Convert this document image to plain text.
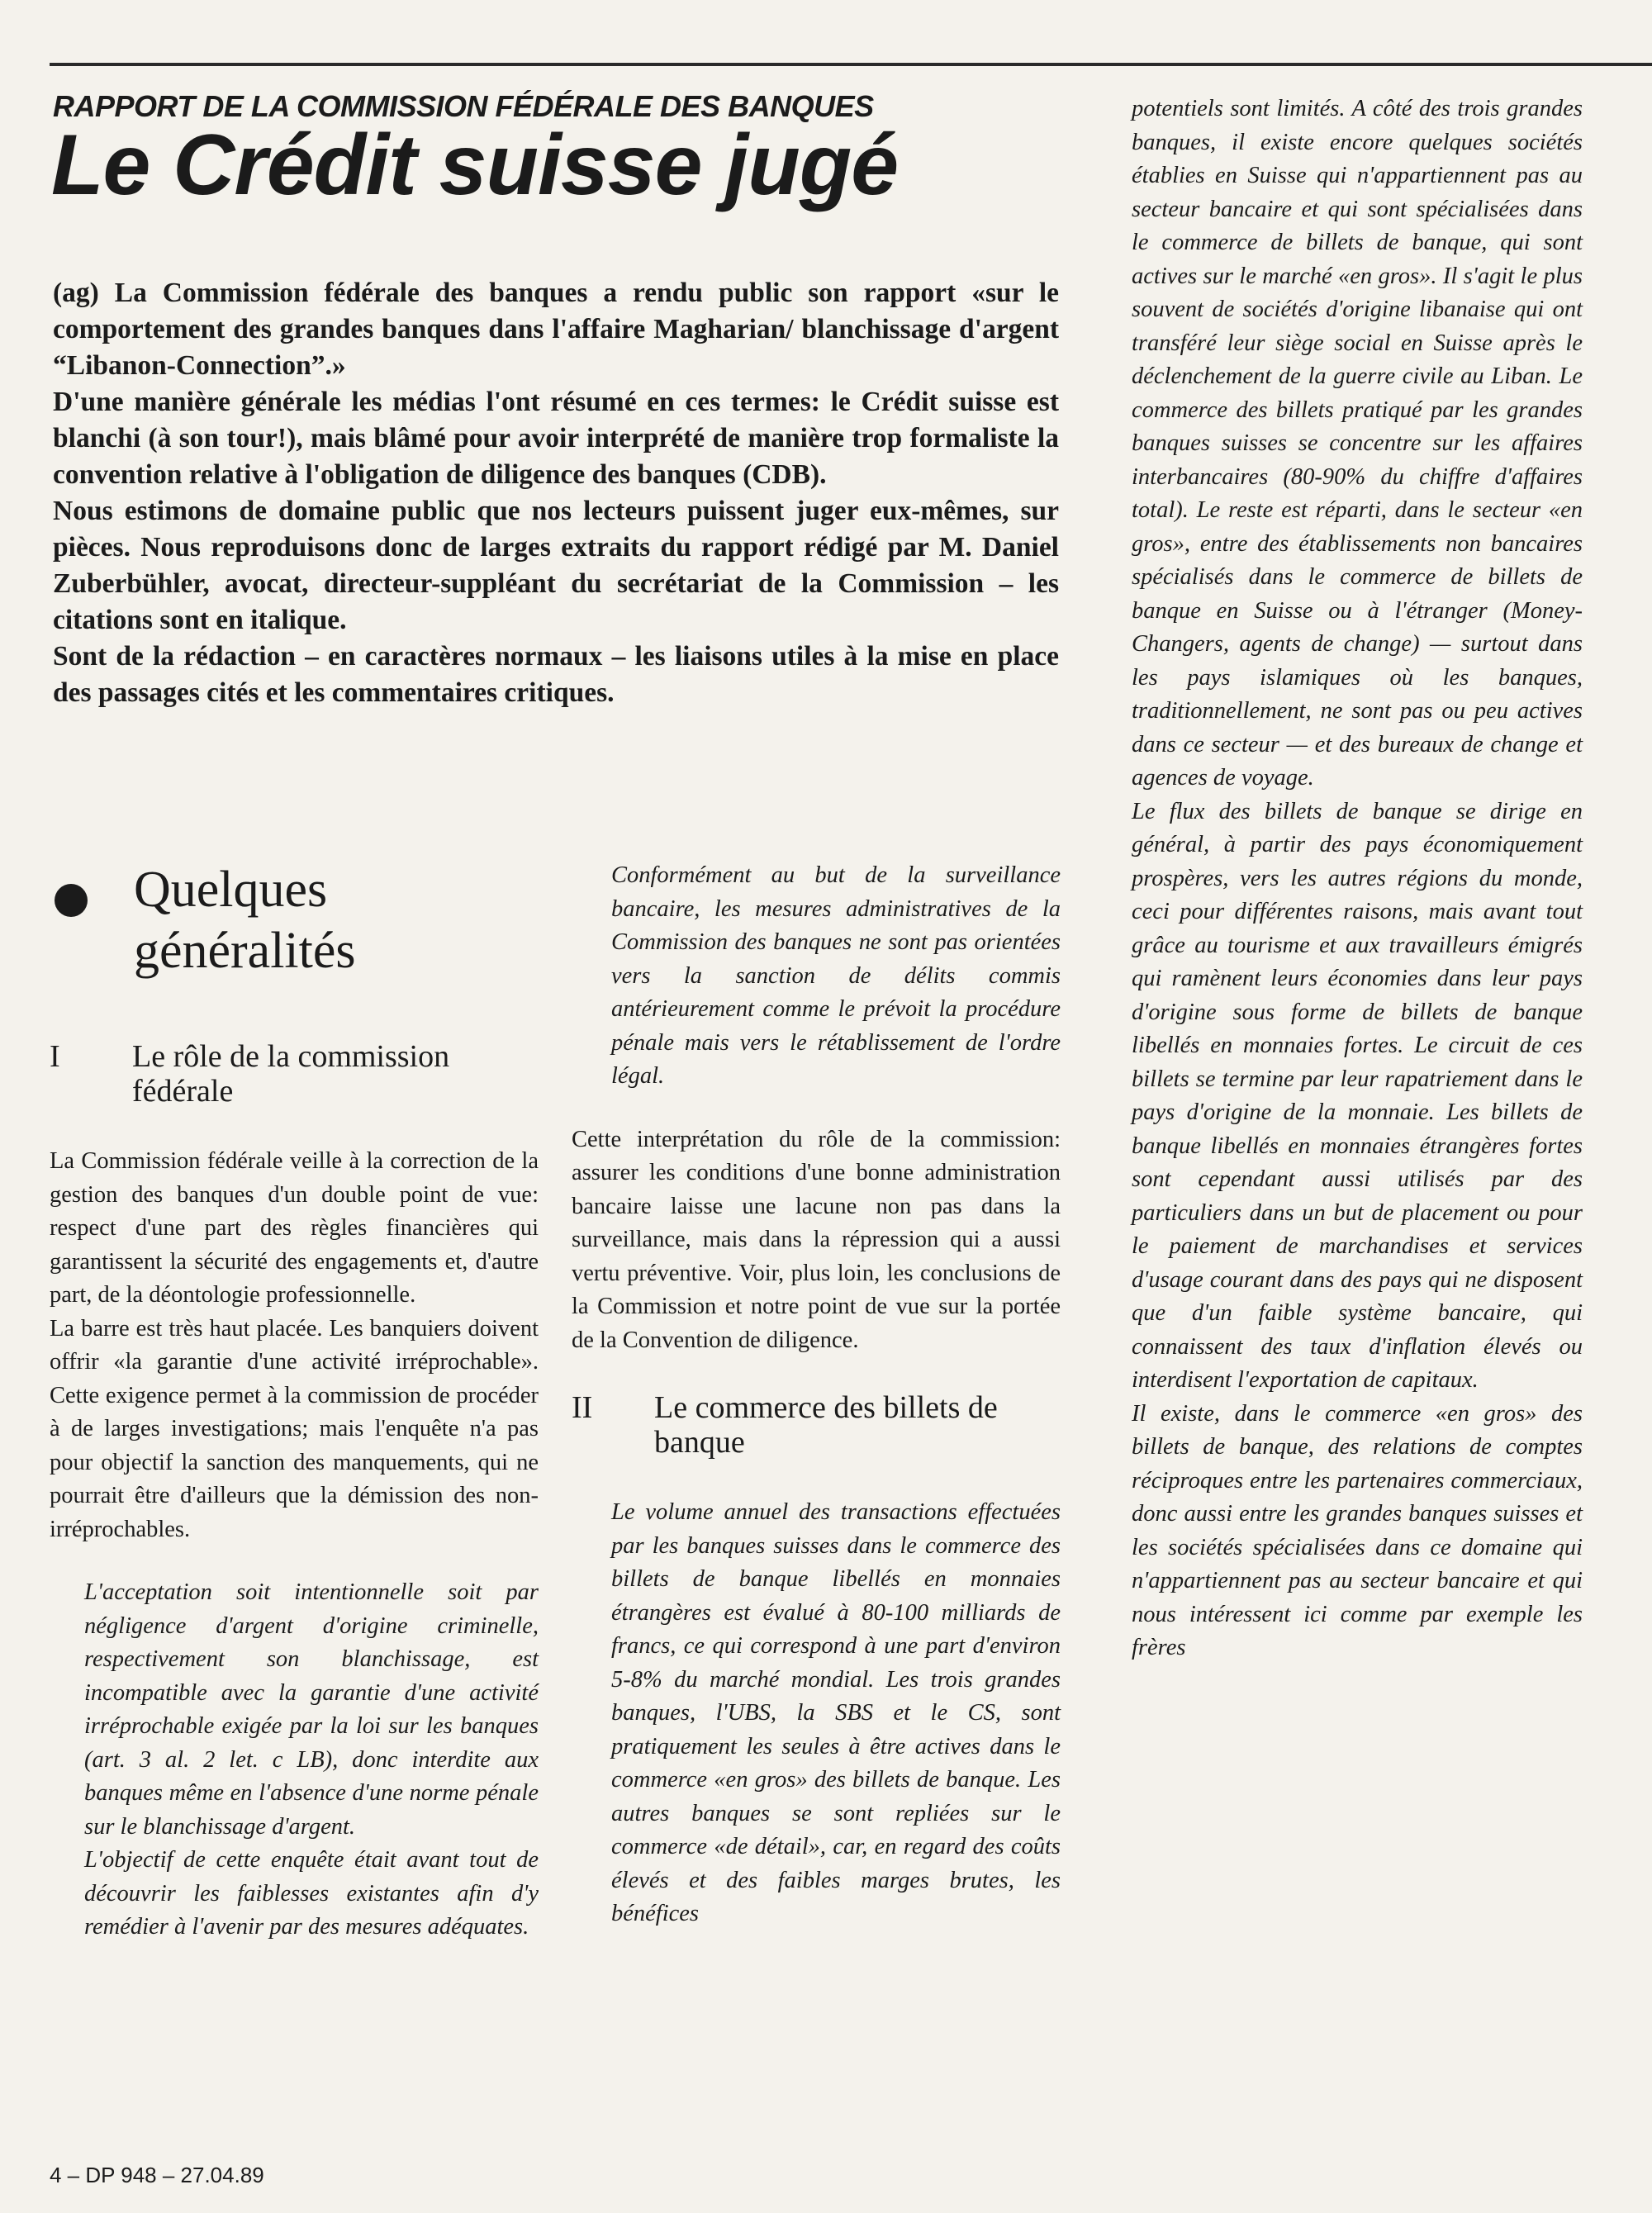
RAPPORT DE LA COMMISSION FÉDÉRALE DES BANQUES
Le Crédit suisse jugé

(ag) La Commission fédérale des banques a rendu public son rapport «sur le comportement des grandes banques dans l'affaire Magharian/ blanchissage d'argent “Libanon-Connection”.»

D'une manière générale les médias l'ont résumé en ces termes: le Crédit suisse est blanchi (à son tour!), mais blâmé pour avoir interprété de manière trop formaliste la convention relative à l'obligation de diligence des banques (CDB).

Nous estimons de domaine public que nos lecteurs puissent juger eux-mêmes, sur pièces. Nous reproduisons donc de larges extraits du rapport rédigé par M. Daniel Zuberbühler, avocat, directeur-suppléant du secrétariat de la Commission – les citations sont en italique.

Sont de la rédaction – en caractères normaux – les liaisons utiles à la mise en place des passages cités et les commentaires critiques.

Quelques généralités
I	Le rôle de la commission fédérale

La Commission fédérale veille à la correction de la gestion des banques d'un double point de vue: respect d'une part des règles financières qui garantissent la sécurité des engagements et, d'autre part, de la déontologie professionnelle.

La barre est très haut placée. Les banquiers doivent offrir «la garantie d'une activité irréprochable». Cette exigence permet à la commission de procéder à de larges investigations; mais l'enquête n'a pas pour objectif la sanction des manquements, qui ne pourrait être d'ailleurs que la démission des non-irréprochables.

L'acceptation soit intentionnelle soit par négligence d'argent d'origine criminelle, respectivement son blanchissage, est incompatible avec la garantie d'une activité irréprochable exigée par la loi sur les banques (art. 3 al. 2 let. c LB), donc interdite aux banques même en l'absence d'une norme pénale sur le blanchissage d'argent.

L'objectif de cette enquête était avant tout de découvrir les faiblesses existantes afin d'y remédier à l'avenir par des mesures adéquates.

Conformément au but de la surveillance bancaire, les mesures administratives de la Commission des banques ne sont pas orientées vers la sanction de délits commis antérieurement comme le prévoit la procédure pénale mais vers le rétablissement de l'ordre légal.

Cette interprétation du rôle de la commission: assurer les conditions d'une bonne administration bancaire laisse une lacune non pas dans la surveillance, mais dans la répression qui a aussi vertu préventive. Voir, plus loin, les conclusions de la Commission et notre point de vue sur la portée de la Convention de diligence.

II	Le commerce des billets de banque

Le volume annuel des transactions effectuées par les banques suisses dans le commerce des billets de banque libellés en monnaies étrangères est évalué à 80-100 milliards de francs, ce qui correspond à une part d'environ 5-8% du marché mondial. Les trois grandes banques, l'UBS, la SBS et le CS, sont pratiquement les seules à être actives dans le commerce «en gros» des billets de banque. Les autres banques se sont repliées sur le commerce «de détail», car, en regard des coûts élevés et des faibles marges brutes, les bénéfices

potentiels sont limités. A côté des trois grandes banques, il existe encore quelques sociétés établies en Suisse qui n'appartiennent pas au secteur bancaire et qui sont spécialisées dans le commerce de billets de banque, qui sont actives sur le marché «en gros». Il s'agit le plus souvent de sociétés d'origine libanaise qui ont transféré leur siège social en Suisse après le déclenchement de la guerre civile au Liban. Le commerce des billets pratiqué par les grandes banques suisses se concentre sur les affaires interbancaires (80-90% du chiffre d'affaires total). Le reste est réparti, dans le secteur «en gros», entre des établissements non bancaires spécialisés dans le commerce de billets de banque en Suisse ou à l'étranger (Money-Changers, agents de change) — surtout dans les pays islamiques où les banques, traditionnellement, ne sont pas ou peu actives dans ce secteur — et des bureaux de change et agences de voyage.

Le flux des billets de banque se dirige en général, à partir des pays économiquement prospères, vers les autres régions du monde, ceci pour différentes raisons, mais avant tout grâce au tourisme et aux travailleurs émigrés qui ramènent leurs économies dans leur pays d'origine sous forme de billets de banque libellés en monnaies fortes. Le circuit de ces billets se termine par leur rapatriement dans le pays d'origine de la monnaie. Les billets de banque libellés en monnaies étrangères fortes sont cependant aussi utilisés par des particuliers dans un but de placement ou pour le paiement de marchandises et services d'usage courant dans des pays qui ne disposent que d'un faible système bancaire, qui connaissent des taux d'inflation élevés ou interdisent l'exportation de capitaux.

Il existe, dans le commerce «en gros» des billets de banque, des relations de comptes réciproques entre les partenaires commerciaux, donc aussi entre les grandes banques suisses et les sociétés spécialisées dans ce domaine qui n'appartiennent pas au secteur bancaire et qui nous intéressent ici comme par exemple les frères

4 – DP 948 – 27.04.89
